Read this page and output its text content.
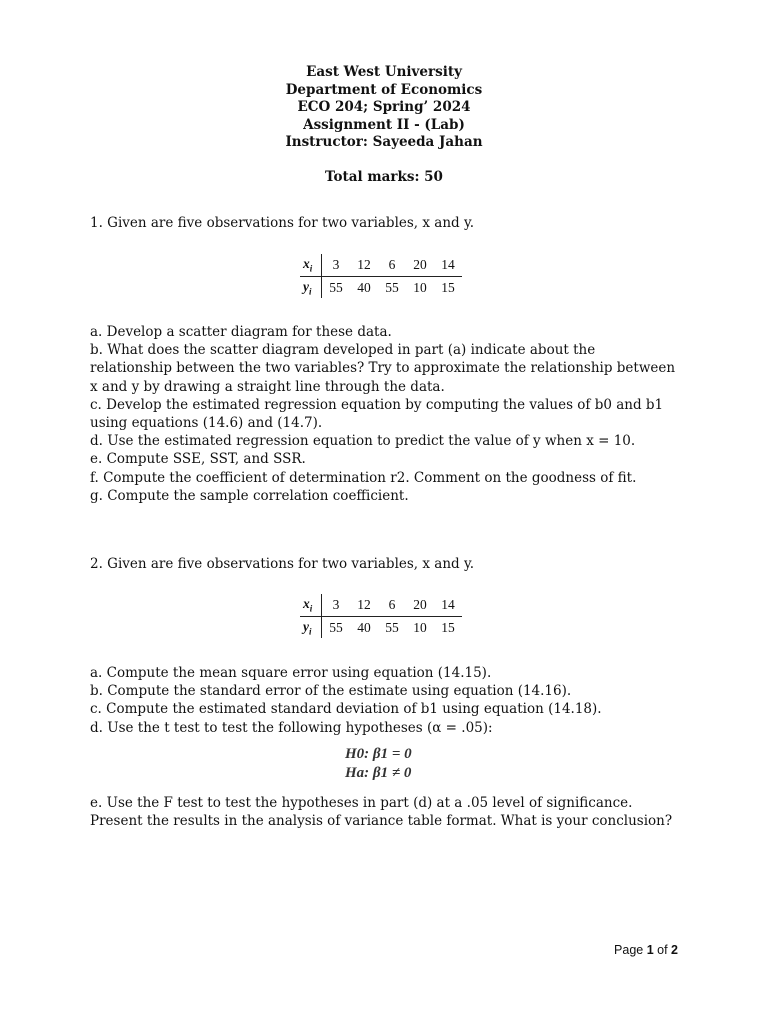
East West University
Department of Economics
ECO 204; Spring’ 2024
Assignment II - (Lab)
Instructor: Sayeeda Jahan
Total marks: 50
1. Given are five observations for two variables, x and y.
$x_i$	3	12	6	20	14
$y_i$	55	40	55	10	15
a. Develop a scatter diagram for these data.
b. What does the scatter diagram developed in part (a) indicate about the relationship between the two variables? Try to approximate the relationship between x and y by drawing a straight line through the data.
c. Develop the estimated regression equation by computing the values of b0 and b1 using equations (14.6) and (14.7).
d. Use the estimated regression equation to predict the value of y when x = 10.
e. Compute SSE, SST, and SSR.
f. Compute the coefficient of determination r2. Comment on the goodness of fit.
g. Compute the sample correlation coefficient.
2. Given are five observations for two variables, x and y.
$x_i$	3	12	6	20	14
$y_i$	55	40	55	10	15
a. Compute the mean square error using equation (14.15).
b. Compute the standard error of the estimate using equation (14.16).
c. Compute the estimated standard deviation of b1 using equation (14.18).
d. Use the t test to test the following hypotheses (α = .05):
H0: β1 = 0
Ha: β1 ≠ 0
e. Use the F test to test the hypotheses in part (d) at a .05 level of significance. Present the results in the analysis of variance table format. What is your conclusion?
Page 1 of 2
